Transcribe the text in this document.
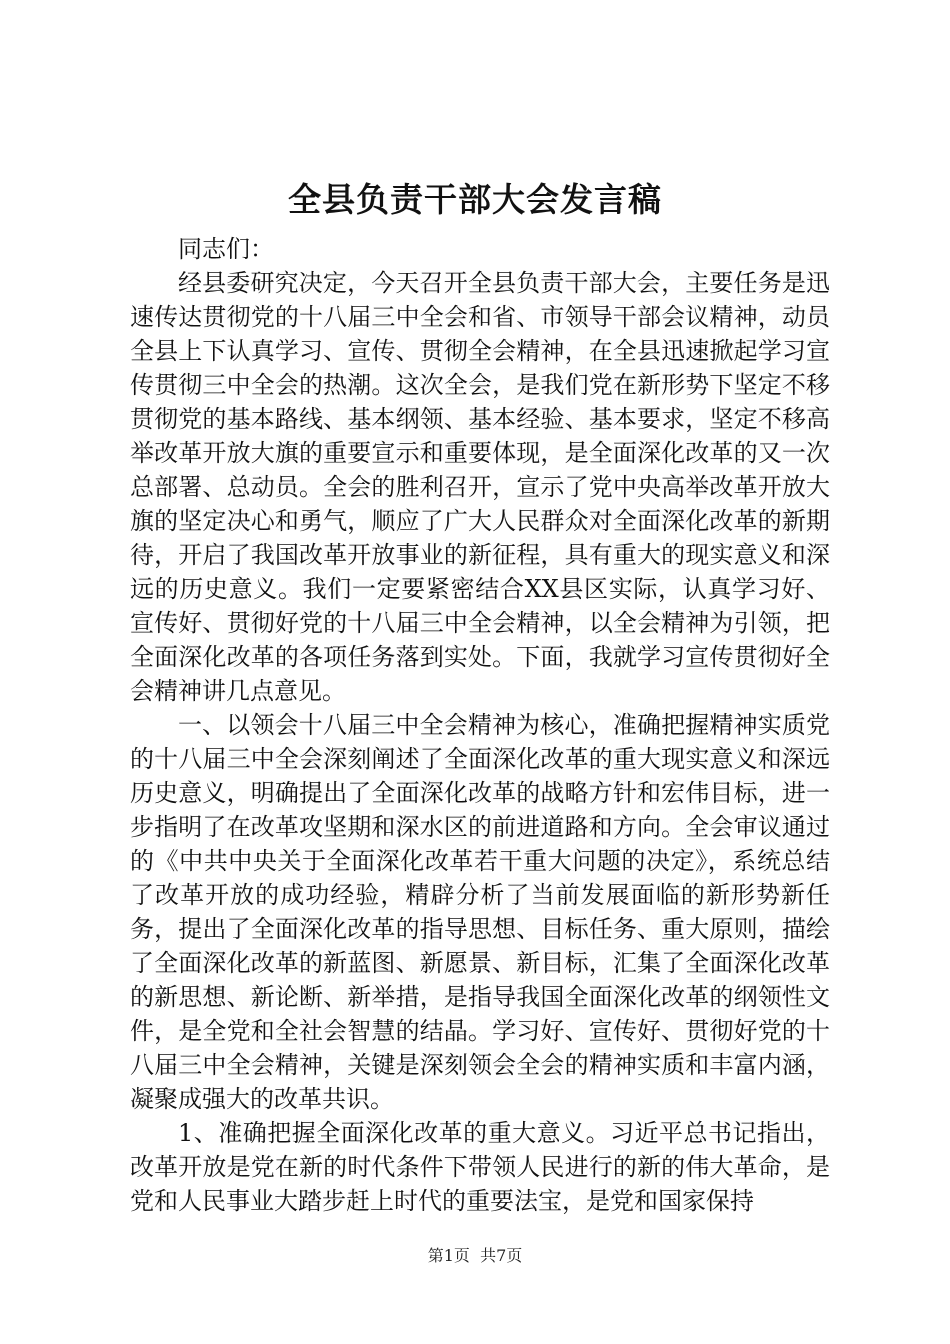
全县负责干部大会发言稿

同志们：

经县委研究决定，今天召开全县负责干部大会，主要任务是迅速传达贯彻党的十八届三中全会和省、市领导干部会议精神，动员全县上下认真学习、宣传、贯彻全会精神，在全县迅速掀起学习宣传贯彻三中全会的热潮。这次全会，是我们党在新形势下坚定不移贯彻党的基本路线、基本纲领、基本经验、基本要求，坚定不移高举改革开放大旗的重要宣示和重要体现，是全面深化改革的又一次总部署、总动员。全会的胜利召开，宣示了党中央高举改革开放大旗的坚定决心和勇气，顺应了广大人民群众对全面深化改革的新期待，开启了我国改革开放事业的新征程，具有重大的现实意义和深远的历史意义。我们一定要紧密结合XX县区实际，认真学习好、宣传好、贯彻好党的十八届三中全会精神，以全会精神为引领，把全面深化改革的各项任务落到实处。下面，我就学习宣传贯彻好全会精神讲几点意见。

一、以领会十八届三中全会精神为核心，准确把握精神实质党的十八届三中全会深刻阐述了全面深化改革的重大现实意义和深远历史意义，明确提出了全面深化改革的战略方针和宏伟目标，进一步指明了在改革攻坚期和深水区的前进道路和方向。全会审议通过的《中共中央关于全面深化改革若干重大问题的决定》，系统总结了改革开放的成功经验，精辟分析了当前发展面临的新形势新任务，提出了全面深化改革的指导思想、目标任务、重大原则，描绘了全面深化改革的新蓝图、新愿景、新目标，汇集了全面深化改革的新思想、新论断、新举措，是指导我国全面深化改革的纲领性文件，是全党和全社会智慧的结晶。学习好、宣传好、贯彻好党的十八届三中全会精神，关键是深刻领会全会的精神实质和丰富内涵，凝聚成强大的改革共识。

1、准确把握全面深化改革的重大意义。习近平总书记指出，改革开放是党在新的时代条件下带领人民进行的新的伟大革命，是党和人民事业大踏步赶上时代的重要法宝，是党和国家保持

第1页  共7页
